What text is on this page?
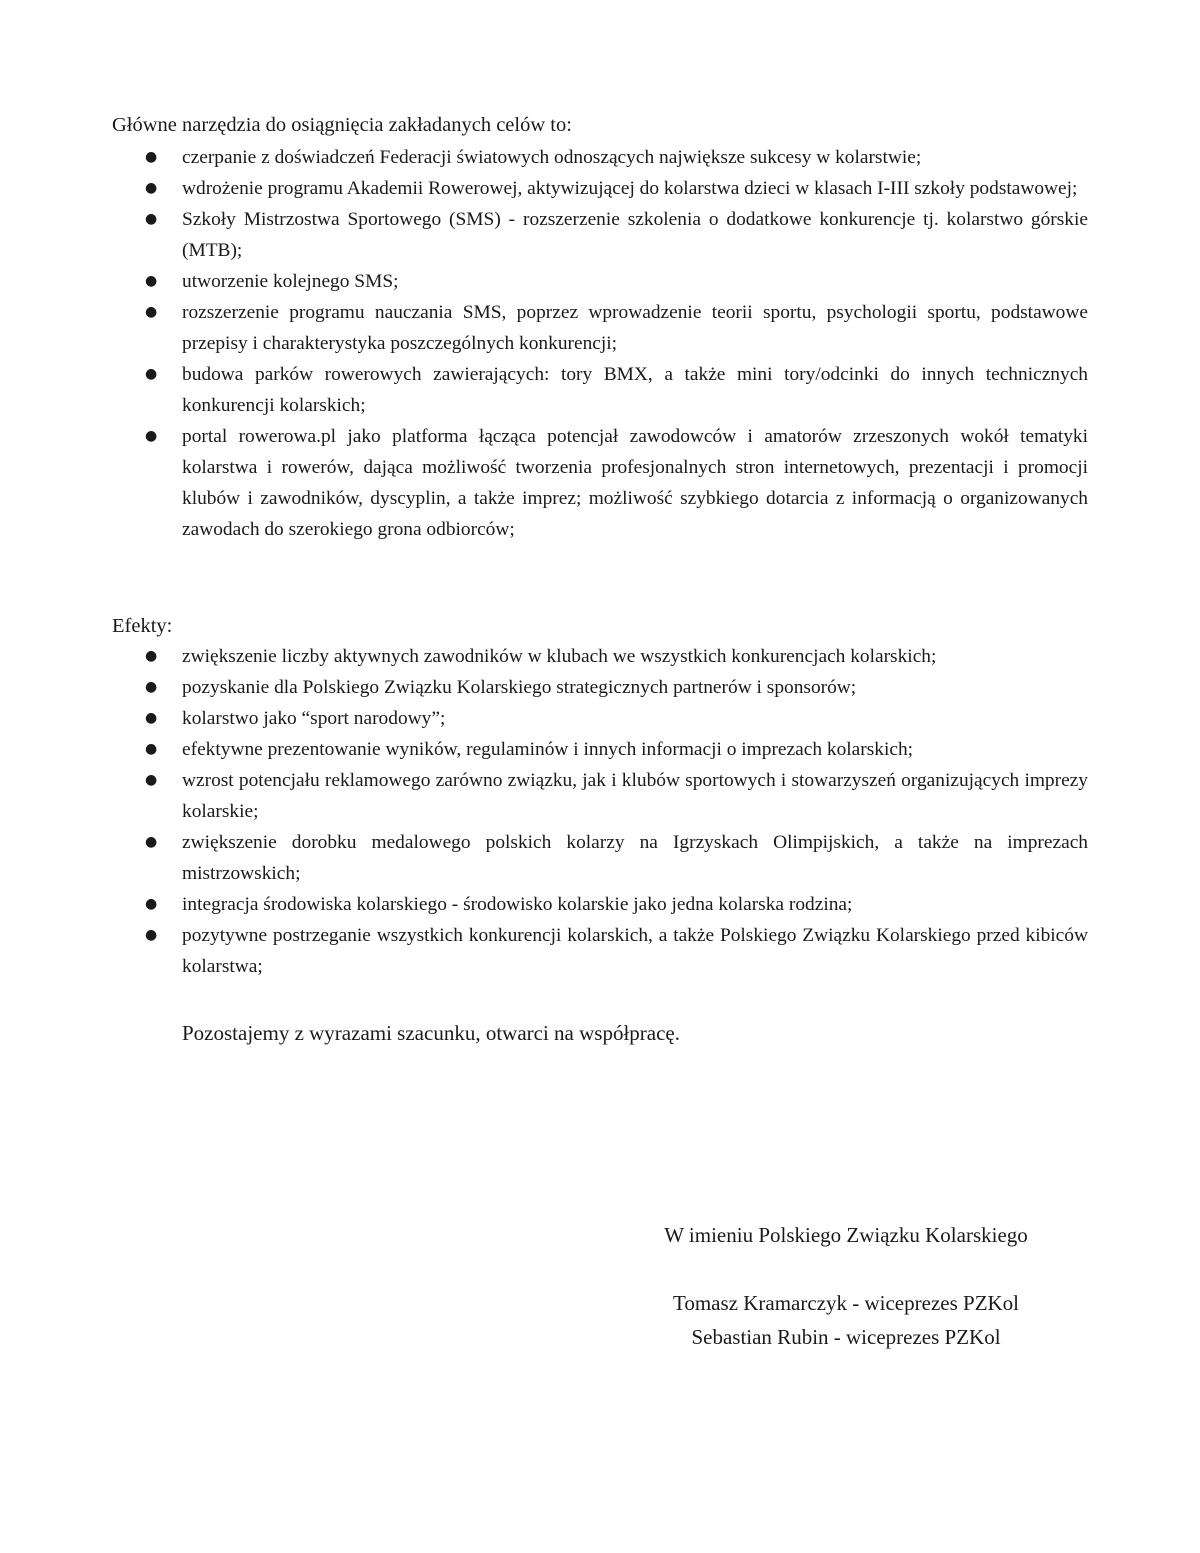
Główne narzędzia do osiągnięcia zakładanych celów to:

●	czerpanie z doświadczeń Federacji światowych odnoszących największe sukcesy w kolarstwie;
●	wdrożenie programu Akademii Rowerowej, aktywizującej do kolarstwa dzieci w klasach I-III szkoły podstawowej;
●	Szkoły Mistrzostwa Sportowego (SMS) - rozszerzenie szkolenia o dodatkowe konkurencje tj. kolarstwo górskie (MTB);
●	utworzenie kolejnego SMS;
●	rozszerzenie programu nauczania SMS, poprzez wprowadzenie teorii sportu, psychologii sportu, podstawowe przepisy i charakterystyka poszczególnych konkurencji;
●	budowa parków rowerowych zawierających: tory BMX, a także mini tory/odcinki do innych technicznych konkurencji kolarskich;
●	portal rowerowa.pl jako platforma łącząca potencjał zawodowców i amatorów zrzeszonych wokół tematyki kolarstwa i rowerów, dająca możliwość tworzenia profesjonalnych stron internetowych, prezentacji i promocji klubów i zawodników, dyscyplin, a także imprez; możliwość szybkiego dotarcia z informacją o organizowanych zawodach do szerokiego grona odbiorców;

Efekty:

●	zwiększenie liczby aktywnych zawodników w klubach we wszystkich konkurencjach kolarskich;
●	pozyskanie dla Polskiego Związku Kolarskiego strategicznych partnerów i sponsorów;
●	kolarstwo jako “sport narodowy”;
●	efektywne prezentowanie wyników, regulaminów i innych informacji o imprezach kolarskich;
●	wzrost potencjału reklamowego zarówno związku, jak i klubów sportowych i stowarzyszeń organizujących imprezy kolarskie;
●	zwiększenie dorobku medalowego polskich kolarzy na Igrzyskach Olimpijskich, a także na imprezach mistrzowskich;
●	integracja środowiska kolarskiego - środowisko kolarskie jako jedna kolarska rodzina;
●	pozytywne postrzeganie wszystkich konkurencji kolarskich, a także Polskiego Związku Kolarskiego przed kibiców kolarstwa;

Pozostajemy z wyrazami szacunku, otwarci na współpracę.

W imieniu Polskiego Związku Kolarskiego

Tomasz Kramarczyk - wiceprezes PZKol

Sebastian Rubin - wiceprezes PZKol
